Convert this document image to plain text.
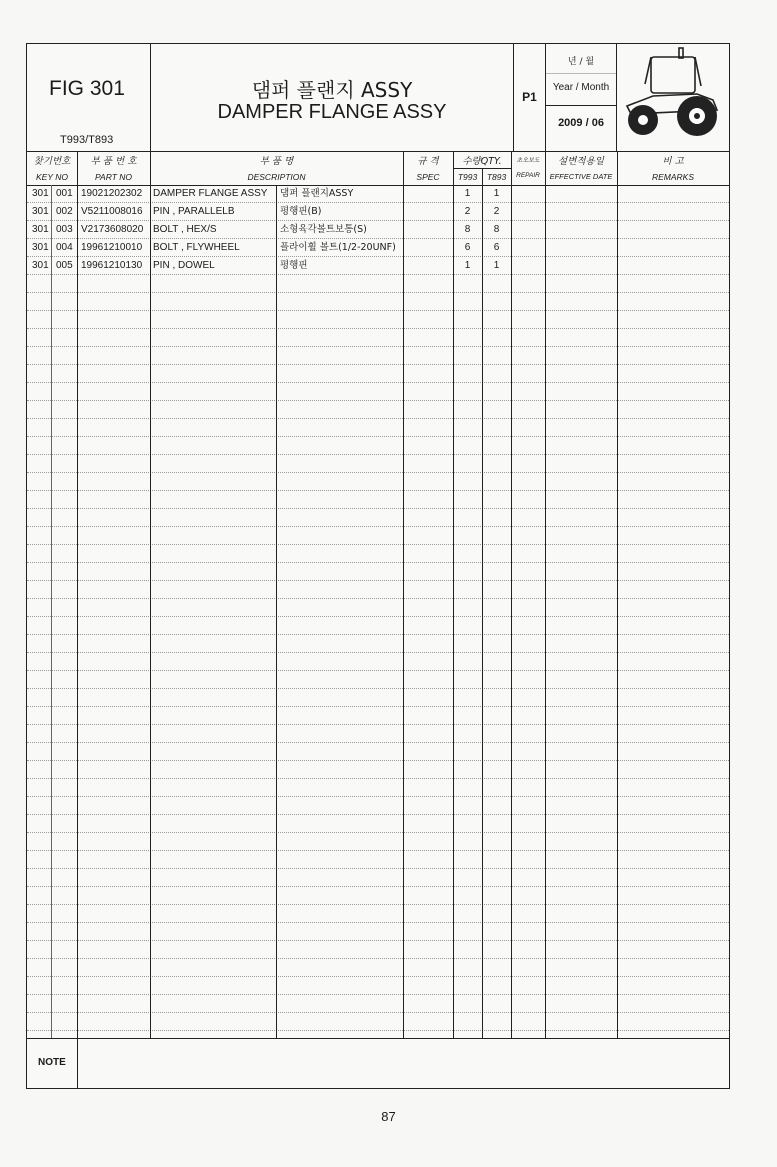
FIG 301
T993/T893
댐퍼 플랜지 ASSY
DAMPER FLANGE ASSY
P1
년 / 월
Year / Month
2009 / 06
찾기번호
KEY NO
부 품 번 호
PART NO
부 품 명
DESCRIPTION
규 격
SPEC
수량QTY.
T993	T893
초오보도
REPAIR
설변적용일
EFFECTIVE DATE
비 고
REMARKS
301 001 19021202302 DAMPER FLANGE ASSY 댐퍼 플랜지ASSY	1	1
301 002 V5211008016 PIN , PARALLELB	평행핀(B)	2	2
301 003 V2173608020 BOLT , HEX/S	소형육각볼트보통(S)	8	8
301 004 19961210010 BOLT , FLYWHEEL	플라이휠 볼트(1/2-20UNF)	6	6
301 005 19961210130 PIN , DOWEL	평행핀	1	1
NOTE
87
